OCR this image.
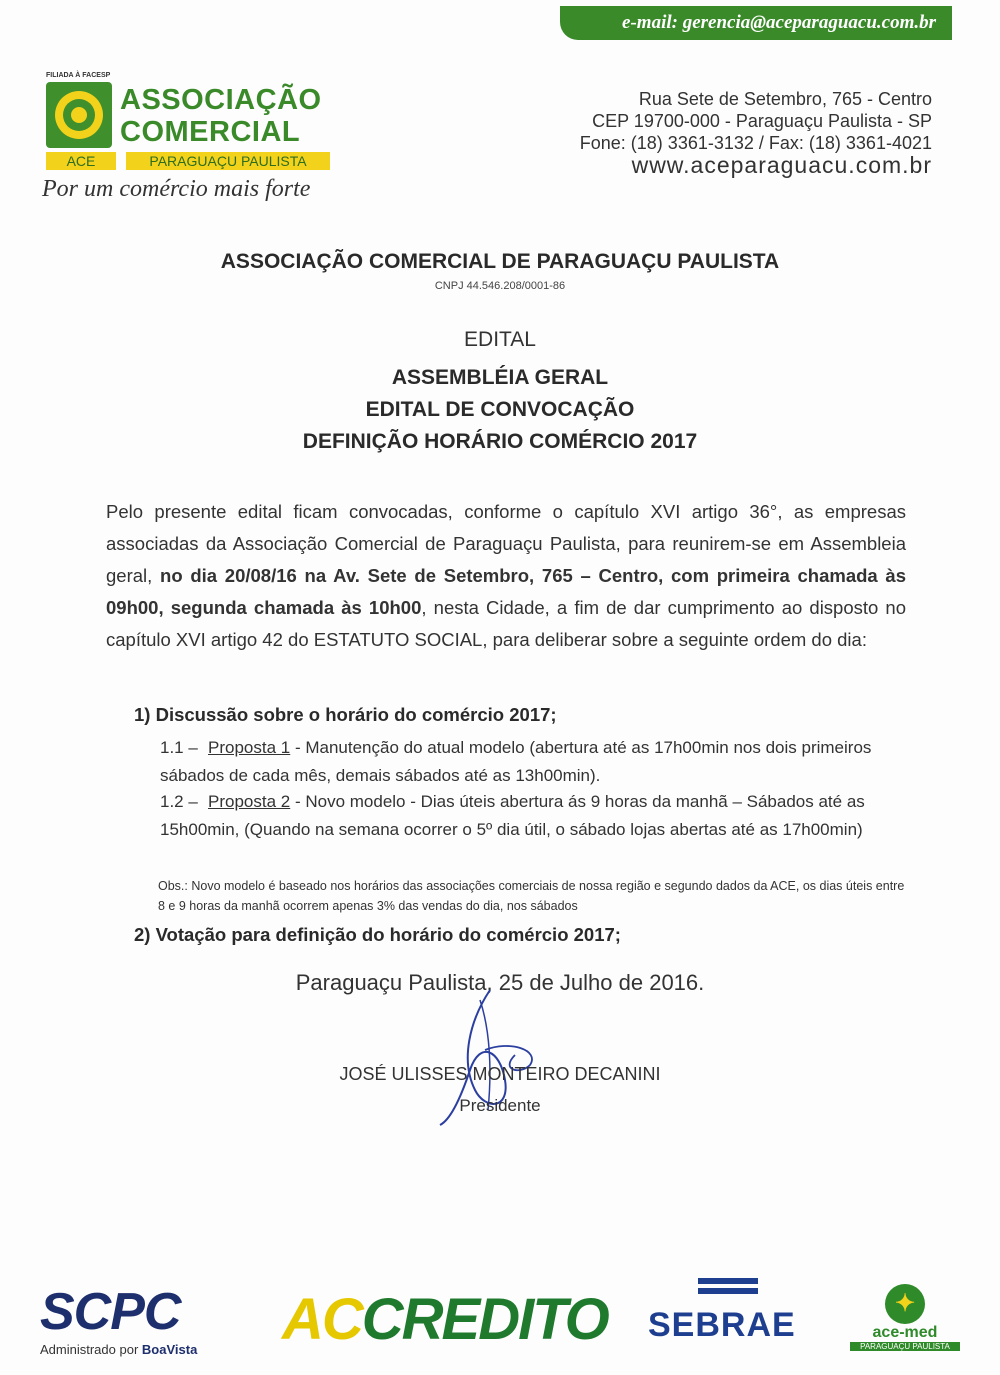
e-mail: gerencia@aceparaguacu.com.br
FILIADA À FACESP
ASSOCIAÇÃO
COMERCIAL
ACE	PARAGUAÇU PAULISTA
Por um comércio mais forte
Rua Sete de Setembro, 765 - Centro
CEP 19700-000 - Paraguaçu Paulista - SP
Fone: (18) 3361-3132 / Fax: (18) 3361-4021
www.aceparaguacu.com.br
ASSOCIAÇÃO COMERCIAL DE PARAGUAÇU PAULISTA
CNPJ 44.546.208/0001-86
EDITAL
ASSEMBLÉIA GERAL
EDITAL DE CONVOCAÇÃO
DEFINIÇÃO HORÁRIO COMÉRCIO 2017
Pelo presente edital ficam convocadas, conforme o capítulo XVI artigo 36°, as empresas associadas da Associação Comercial de Paraguaçu Paulista, para reunirem-se em Assembleia geral, no dia 20/08/16 na Av. Sete de Setembro, 765 – Centro, com primeira chamada às 09h00, segunda chamada às 10h00, nesta Cidade, a fim de dar cumprimento ao disposto no capítulo XVI artigo 42 do ESTATUTO SOCIAL, para deliberar sobre a seguinte ordem do dia:
1) Discussão sobre o horário do comércio 2017;
1.1 – Proposta 1 - Manutenção do atual modelo (abertura até as 17h00min nos dois primeiros sábados de cada mês, demais sábados até as 13h00min).
1.2 – Proposta 2 - Novo modelo - Dias úteis abertura ás 9 horas da manhã – Sábados até as 15h00min, (Quando na semana ocorrer o 5º dia útil, o sábado lojas abertas até as 17h00min)
Obs.: Novo modelo é baseado nos horários das associações comerciais de nossa região e segundo dados da ACE, os dias úteis entre 8 e 9 horas da manhã ocorrem apenas 3% das vendas do dia, nos sábados
2) Votação para definição do horário do comércio 2017;
Paraguaçu Paulista, 25 de Julho de 2016.
JOSÉ ULISSES MONTEIRO DECANINI
Presidente
SCPC
Administrado por BoaVista ACCREDITO SEBRAE
✦
ace-med
PARAGUAÇU PAULISTA
